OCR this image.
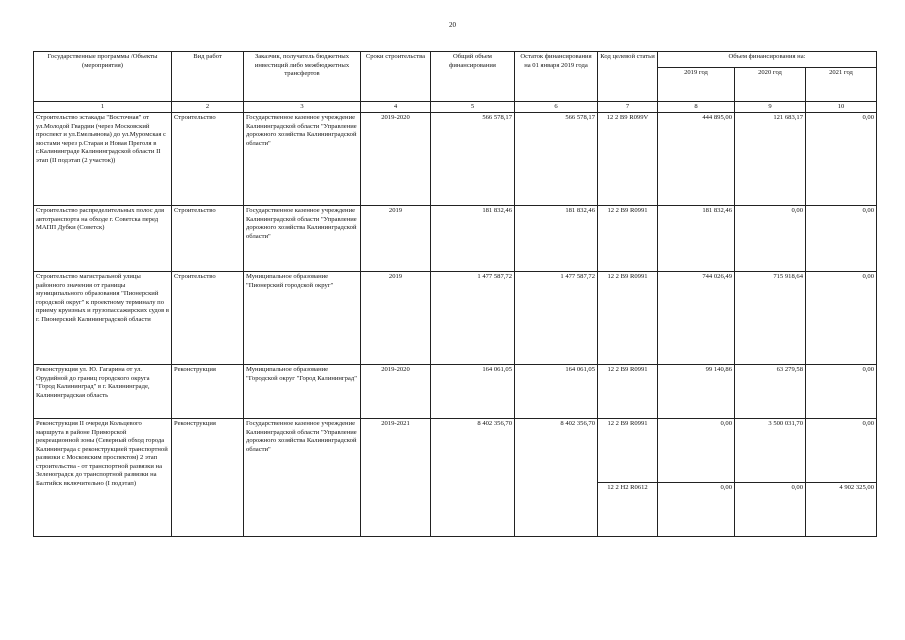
20
Государственные программы /Объекты (мероприятия)	Вид работ	Заказчик, получатель бюджетных инвестиций либо межбюджетных трансфертов	Сроки строительства	Общий объем финансирования	Остаток финансирования на 01 января 2019 года	Код целевой статьи	Объем финансирования на:		
							2019 год	2020 год	2021 год
1	2	3	4	5	6	7	8	9	10
Строительство эстакады "Восточная" от ул.Молодой Гвардии (через Московский проспект и ул.Емельянова) до ул.Муромская с мостами через р.Старая и Новая Преголя в г.Калининграде Калининградской области II этап (II подэтап (2 участок))	Строительство	Государственное казенное учреждение Калининградской области "Управление дорожного хозяйства Калининградской области"	2019-2020	566 578,17	566 578,17	12 2 B9 R099V	444 895,00	121 683,17	0,00
Строительство распределительных полос для автотранспорта на обходе г. Советска перед МАПП Дубки (Советск)	Строительство	Государственное казенное учреждение Калининградской области "Управление дорожного хозяйства Калининградской области"	2019	181 832,46	181 832,46	12 2 B9 R0991	181 832,46	0,00	0,00
Строительство магистральной улицы районного значения от границы муниципального образования "Пионерский городской округ" к проектному терминалу по приему круизных и грузопассажирских судов в г. Пионерский Калининградской области	Строительство	Муниципальное образование "Пионерский городской округ"	2019	1 477 587,72	1 477 587,72	12 2 B9 R0991	744 026,49	715 918,64	0,00
Реконструкция ул. Ю. Гагарина от ул. Орудийной до границ городского округа "Город Калининград" в г. Калининграде, Калининградская область	Реконструкция	Муниципальное образование "Городской округ "Город Калининград"	2019-2020	164 061,05	164 061,05	12 2 B9 R0991	99 140,86	63 279,58	0,00
Реконструкция II очереди Кольцевого маршрута в районе Приморской рекреационной зоны (Северный обход города Калининграда с реконструкцией транспортной развязки с Московским проспектом) 2 этап строительства - от транспортной развязки на Зеленоградск до транспортной развязки на Балтийск включительно (I подэтап)	Реконструкция	Государственное казенное учреждение Калининградской области "Управление дорожного хозяйства Калининградской области"	2019-2021	8 402 356,70	8 402 356,70	12 2 B9 R0991	0,00	3 500 031,70	0,00
						12 2 H2 R0612	0,00	0,00	4 902 325,00
